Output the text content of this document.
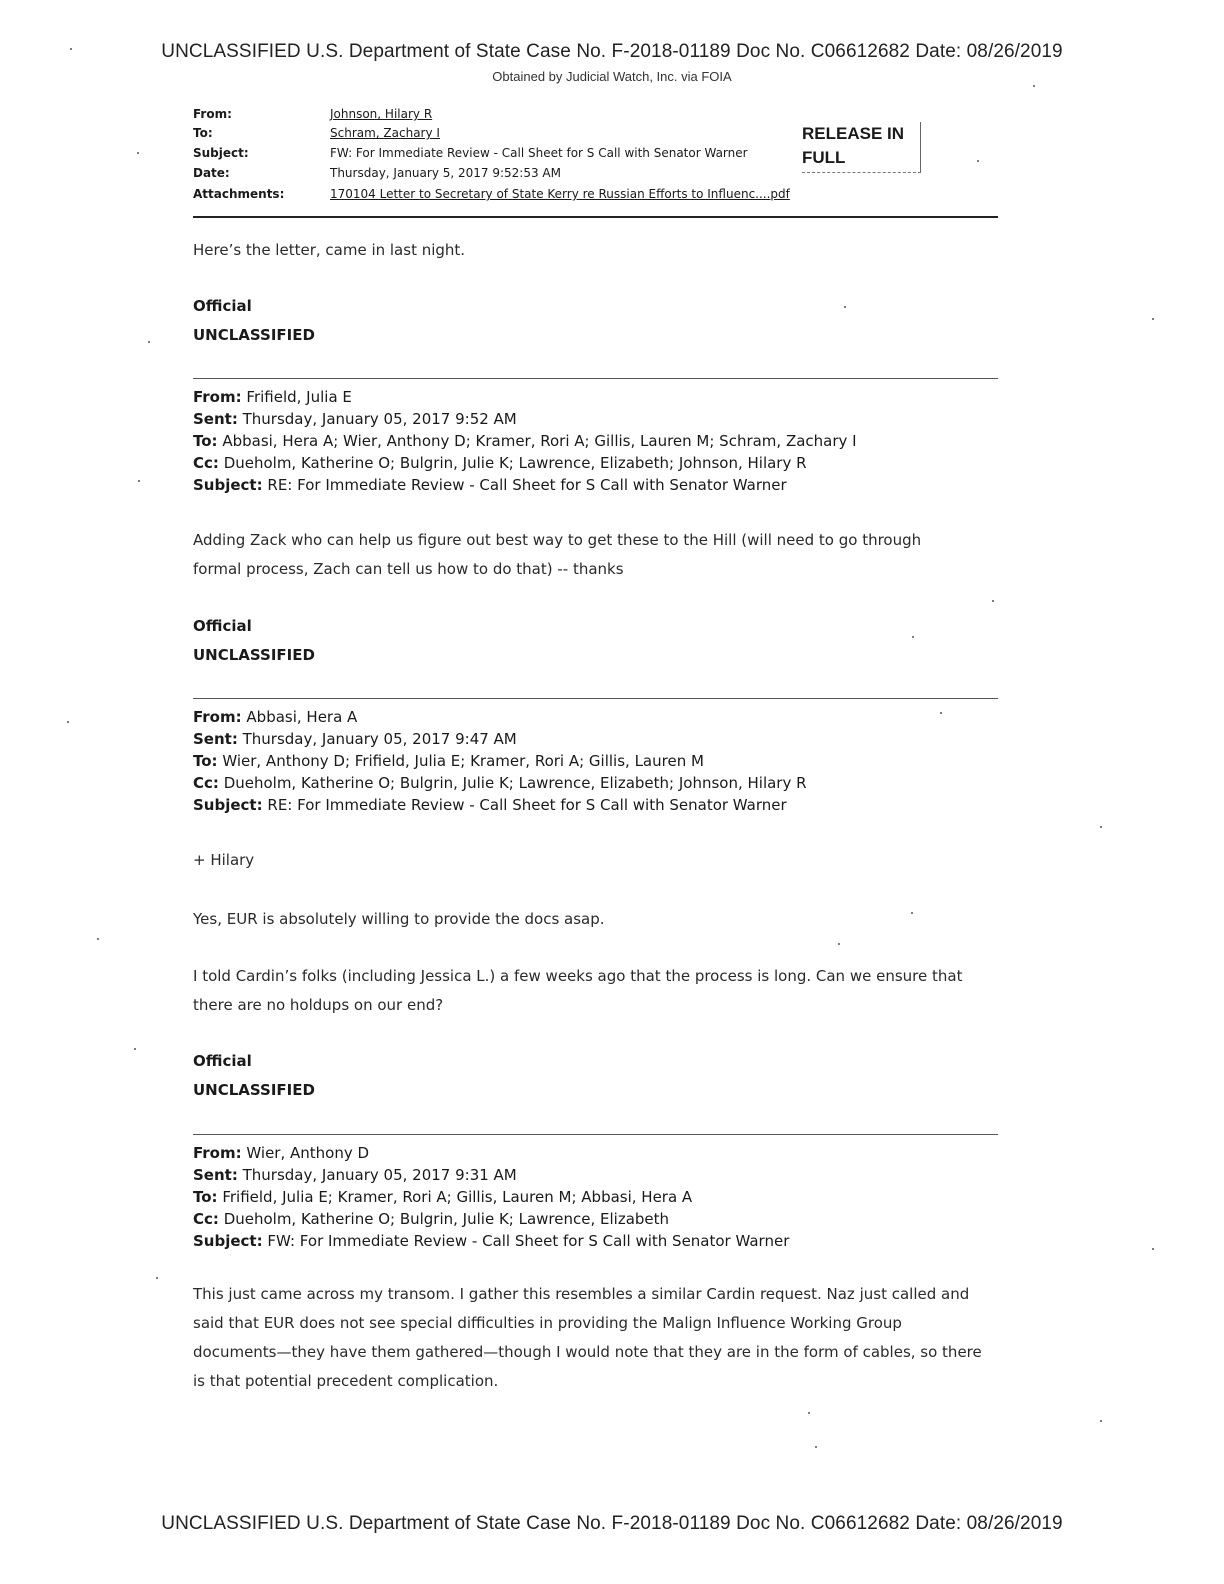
UNCLASSIFIED U.S. Department of State Case No. F-2018-01189 Doc No. C06612682 Date: 08/26/2019
Obtained by Judicial Watch, Inc. via FOIA
From:	Johnson, Hilary R
To:	Schram, Zachary I
Subject:	FW: For Immediate Review - Call Sheet for S Call with Senator Warner
Date:	Thursday, January 5, 2017 9:52:53 AM
Attachments:	170104 Letter to Secretary of State Kerry re Russian Efforts to Influenc....pdf
RELEASE IN
FULL
Here’s the letter, came in last night.
Official
UNCLASSIFIED
From: Frifield, Julia E
Sent: Thursday, January 05, 2017 9:52 AM
To: Abbasi, Hera A; Wier, Anthony D; Kramer, Rori A; Gillis, Lauren M; Schram, Zachary I
Cc: Dueholm, Katherine O; Bulgrin, Julie K; Lawrence, Elizabeth; Johnson, Hilary R
Subject: RE: For Immediate Review - Call Sheet for S Call with Senator Warner
Adding Zack who can help us figure out best way to get these to the Hill (will need to go through formal process, Zach can tell us how to do that) -- thanks
Official
UNCLASSIFIED
From: Abbasi, Hera A
Sent: Thursday, January 05, 2017 9:47 AM
To: Wier, Anthony D; Frifield, Julia E; Kramer, Rori A; Gillis, Lauren M
Cc: Dueholm, Katherine O; Bulgrin, Julie K; Lawrence, Elizabeth; Johnson, Hilary R
Subject: RE: For Immediate Review - Call Sheet for S Call with Senator Warner
+ Hilary
Yes, EUR is absolutely willing to provide the docs asap.
I told Cardin’s folks (including Jessica L.) a few weeks ago that the process is long. Can we ensure that there are no holdups on our end?
Official
UNCLASSIFIED
From: Wier, Anthony D
Sent: Thursday, January 05, 2017 9:31 AM
To: Frifield, Julia E; Kramer, Rori A; Gillis, Lauren M; Abbasi, Hera A
Cc: Dueholm, Katherine O; Bulgrin, Julie K; Lawrence, Elizabeth
Subject: FW: For Immediate Review - Call Sheet for S Call with Senator Warner
This just came across my transom. I gather this resembles a similar Cardin request. Naz just called and said that EUR does not see special difficulties in providing the Malign Influence Working Group documents—they have them gathered—though I would note that they are in the form of cables, so there is that potential precedent complication.
UNCLASSIFIED U.S. Department of State Case No. F-2018-01189 Doc No. C06612682 Date: 08/26/2019
